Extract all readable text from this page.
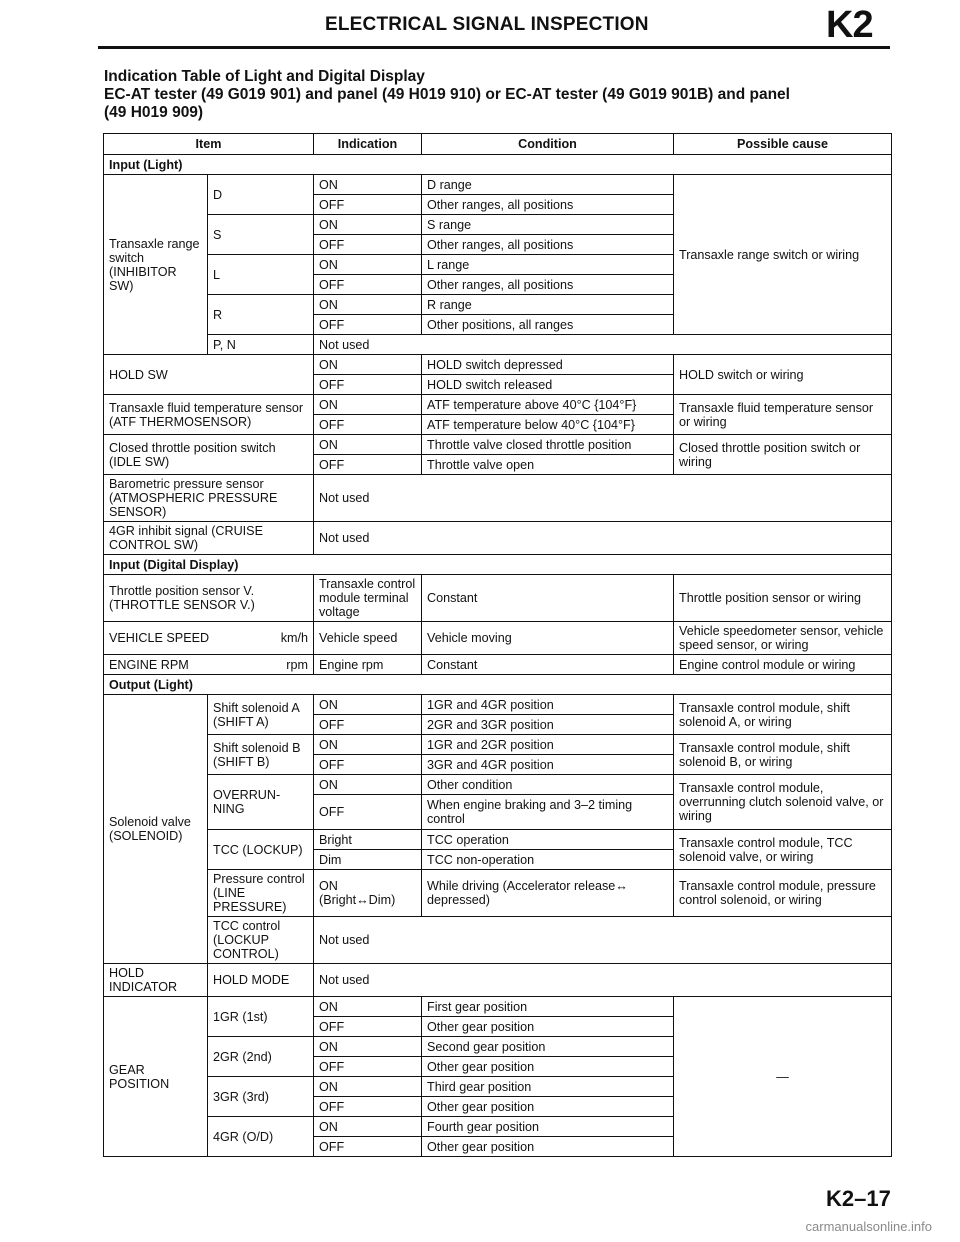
ELECTRICAL SIGNAL INSPECTION	K2
Indication Table of Light and Digital Display
EC-AT tester (49 G019 901) and panel (49 H019 910) or EC-AT tester (49 G019 901B) and panel
(49 H019 909)
Item		Indication	Condition	Possible cause
Input (Light)				
Transaxle range switch (INHIBITOR SW)	D	ON	D range	Transaxle range switch or wiring
		OFF	Other ranges, all positions	
	S	ON	S range	
		OFF	Other ranges, all positions	
	L	ON	L range	
		OFF	Other ranges, all positions	
	R	ON	R range	
		OFF	Other positions, all ranges	
	P, N	Not used		
HOLD SW		ON	HOLD switch depressed	HOLD switch or wiring
		OFF	HOLD switch released	
Transaxle fluid temperature sensor (ATF THERMOSENSOR)		ON	ATF temperature above 40°C {104°F}	Transaxle fluid temperature sensor or wiring
		OFF	ATF temperature below 40°C {104°F}	
Closed throttle position switch (IDLE SW)		ON	Throttle valve closed throttle position	Closed throttle position switch or wiring
		OFF	Throttle valve open	
Barometric pressure sensor (ATMOSPHERIC PRESSURE SENSOR)		Not used		
4GR inhibit signal (CRUISE CONTROL SW)		Not used		
Input (Digital Display)				
Throttle position sensor V. (THROTTLE SENSOR V.)		Transaxle control module terminal voltage	Constant	Throttle position sensor or wiring

VEHICLE SPEED km/h		Vehicle speed	Vehicle moving	Vehicle speedometer sensor, vehicle speed sensor, or wiring

ENGINE RPM rpm		Engine rpm	Constant	Engine control module or wiring
Output (Light)				
Solenoid valve (SOLENOID)	Shift solenoid A (SHIFT A)	ON	1GR and 4GR position	Transaxle control module, shift solenoid A, or wiring
		OFF	2GR and 3GR position	
	Shift solenoid B (SHIFT B)	ON	1GR and 2GR position	Transaxle control module, shift solenoid B, or wiring
		OFF	3GR and 4GR position	
	OVERRUN-NING	ON	Other condition	Transaxle control module, overrunning clutch solenoid valve, or wiring
		OFF	When engine braking and 3–2 timing control	
	TCC (LOCKUP)	Bright	TCC operation	Transaxle control module, TCC solenoid valve, or wiring
		Dim	TCC non-operation	
	Pressure control (LINE PRESSURE)	ON (Bright↔Dim)	While driving (Accelerator release↔ depressed)	Transaxle control module, pressure control solenoid, or wiring
	TCC control (LOCKUP CONTROL)	Not used		
HOLD INDICATOR	HOLD MODE	Not used		
GEAR POSITION	1GR (1st)	ON	First gear position	—
		OFF	Other gear position	
	2GR (2nd)	ON	Second gear position	
		OFF	Other gear position	
	3GR (3rd)	ON	Third gear position	
		OFF	Other gear position	
	4GR (O/D)	ON	Fourth gear position	
		OFF	Other gear position	
K2–17
carmanualsonline.info
